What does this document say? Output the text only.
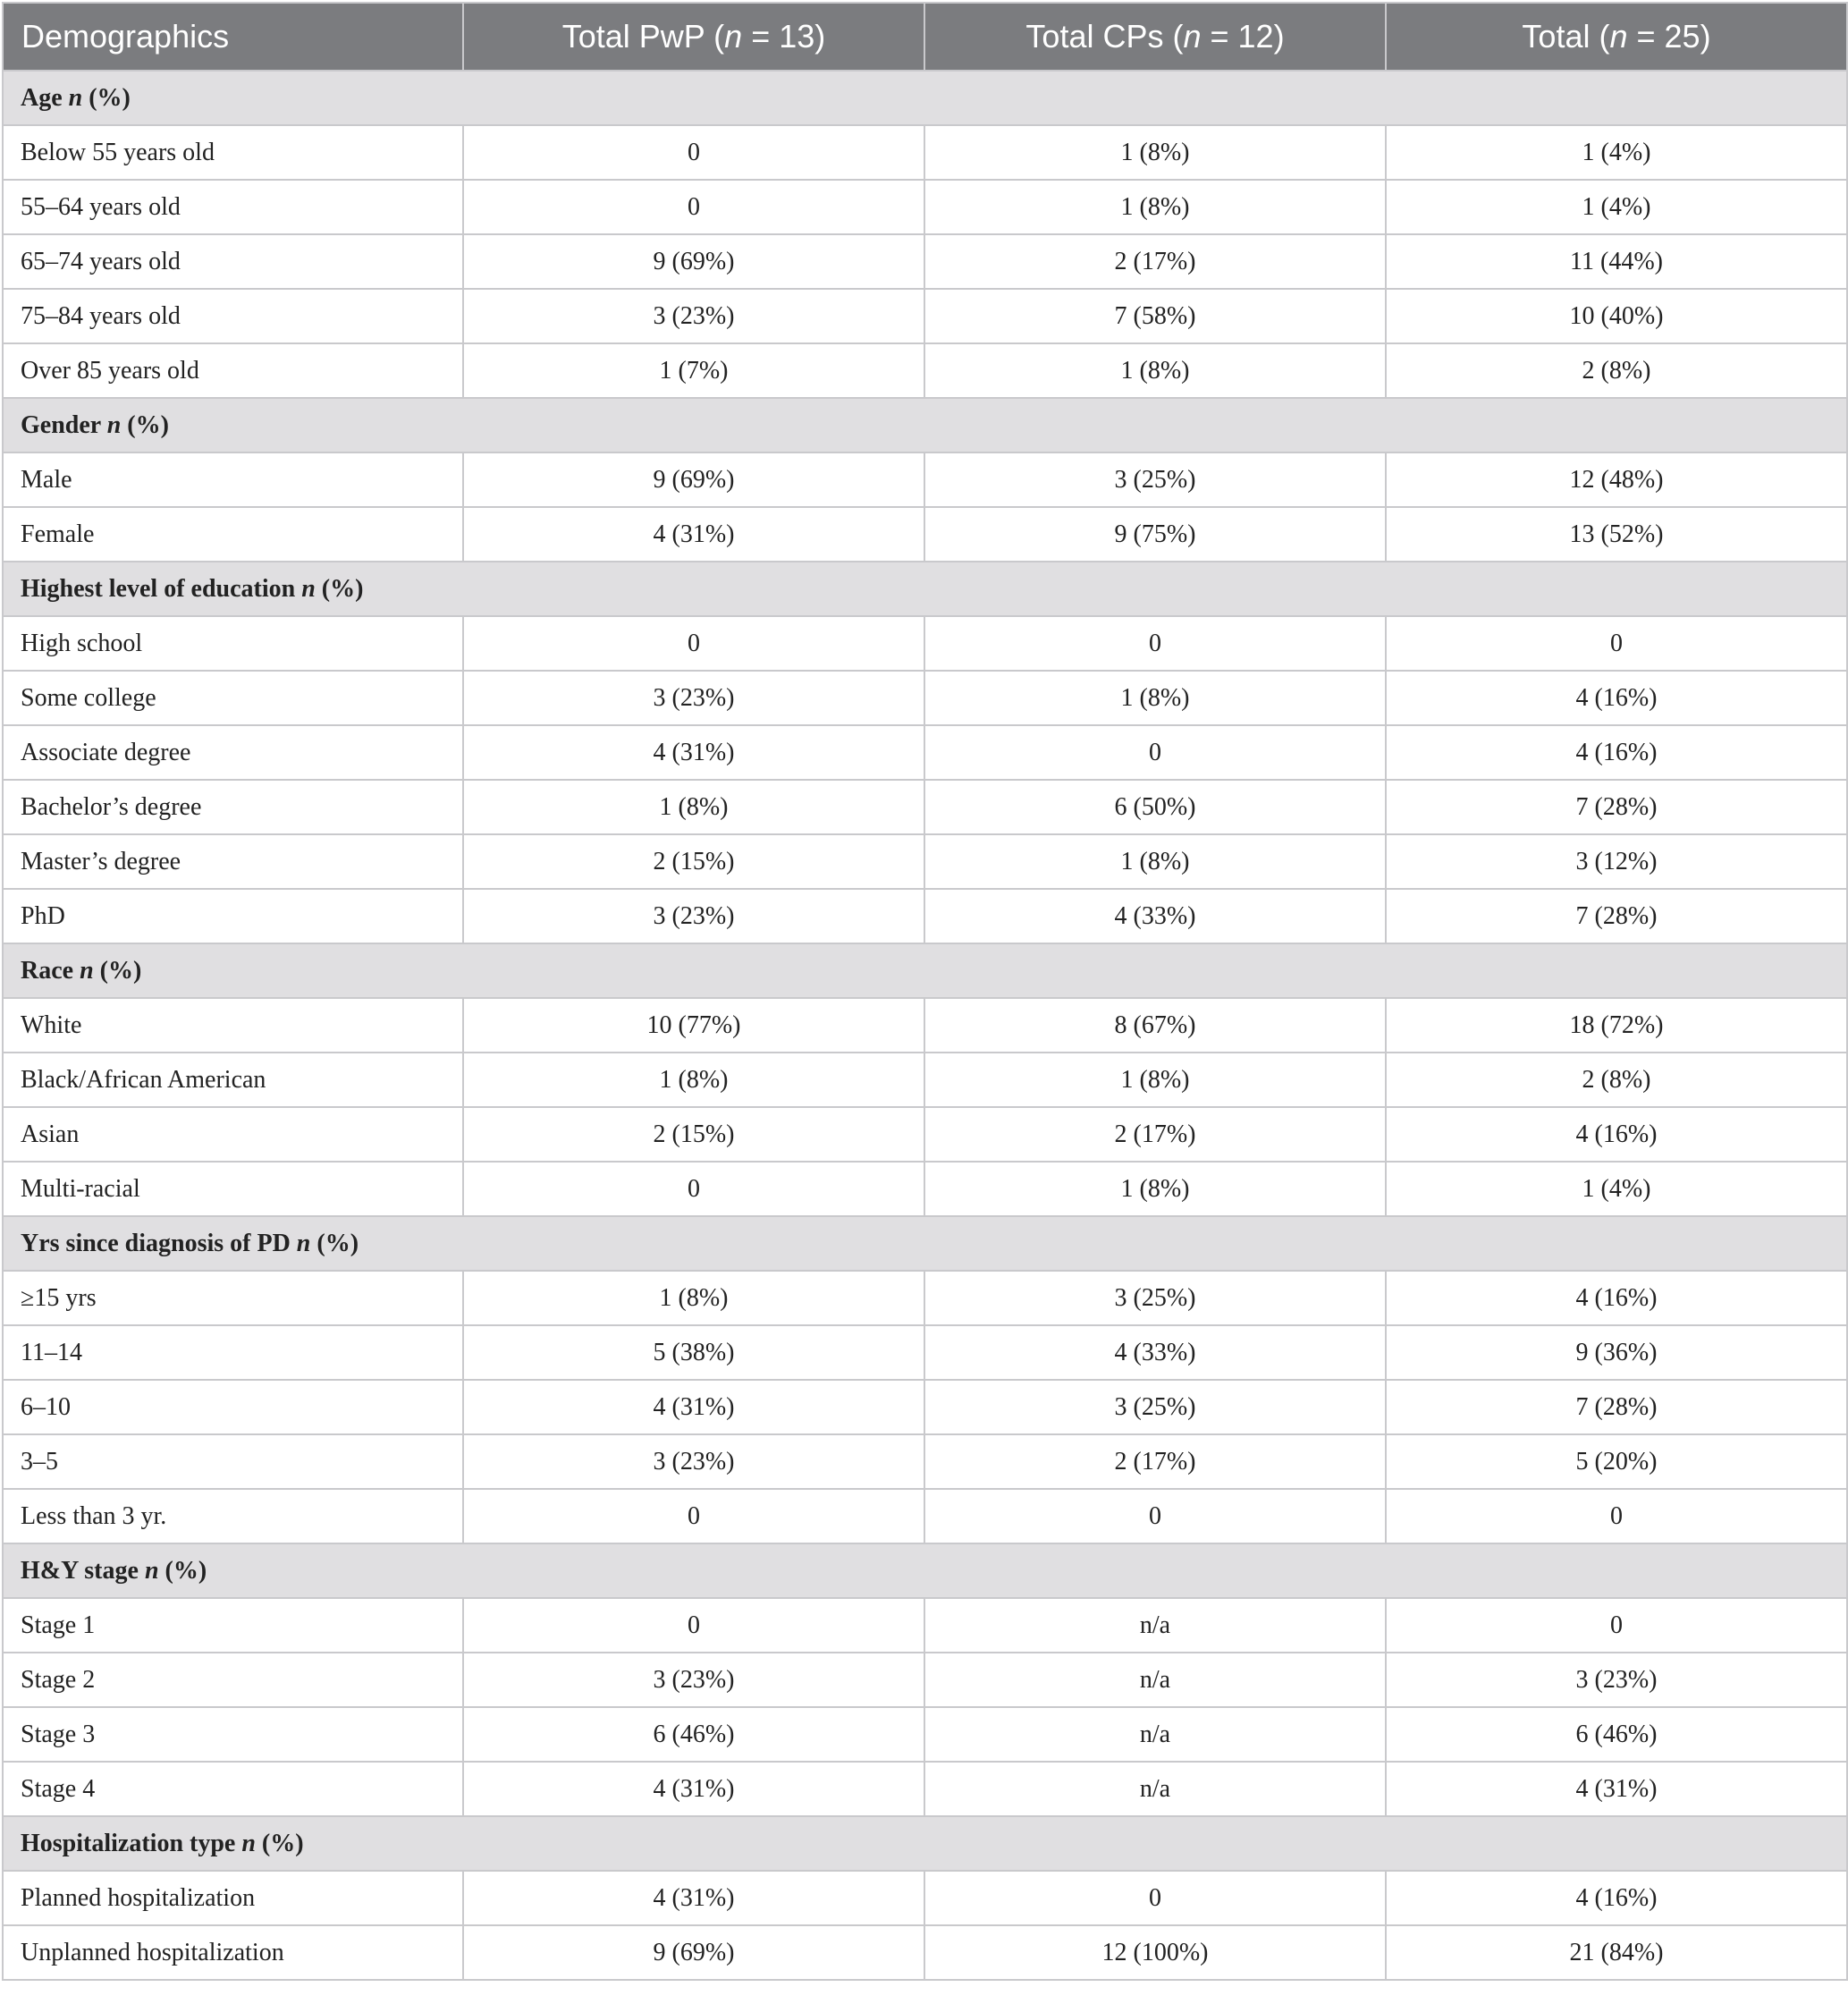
Demographics	Total PwP (n = 13)	Total CPs (n = 12)	Total (n = 25)
Age n (%)			
Below 55 years old	0	1 (8%)	1 (4%)
55–64 years old	0	1 (8%)	1 (4%)
65–74 years old	9 (69%)	2 (17%)	11 (44%)
75–84 years old	3 (23%)	7 (58%)	10 (40%)
Over 85 years old	1 (7%)	1 (8%)	2 (8%)
Gender n (%)			
Male	9 (69%)	3 (25%)	12 (48%)
Female	4 (31%)	9 (75%)	13 (52%)
Highest level of education n (%)			
High school	0	0	0
Some college	3 (23%)	1 (8%)	4 (16%)
Associate degree	4 (31%)	0	4 (16%)
Bachelor’s degree	1 (8%)	6 (50%)	7 (28%)
Master’s degree	2 (15%)	1 (8%)	3 (12%)
PhD	3 (23%)	4 (33%)	7 (28%)
Race n (%)			
White	10 (77%)	8 (67%)	18 (72%)
Black/African American	1 (8%)	1 (8%)	2 (8%)
Asian	2 (15%)	2 (17%)	4 (16%)
Multi-racial	0	1 (8%)	1 (4%)
Yrs since diagnosis of PD n (%)			
≥15 yrs	1 (8%)	3 (25%)	4 (16%)
11–14	5 (38%)	4 (33%)	9 (36%)
6–10	4 (31%)	3 (25%)	7 (28%)
3–5	3 (23%)	2 (17%)	5 (20%)
Less than 3 yr.	0	0	0
H&Y stage n (%)			
Stage 1	0	n/a	0
Stage 2	3 (23%)	n/a	3 (23%)
Stage 3	6 (46%)	n/a	6 (46%)
Stage 4	4 (31%)	n/a	4 (31%)
Hospitalization type n (%)			
Planned hospitalization	4 (31%)	0	4 (16%)
Unplanned hospitalization	9 (69%)	12 (100%)	21 (84%)
